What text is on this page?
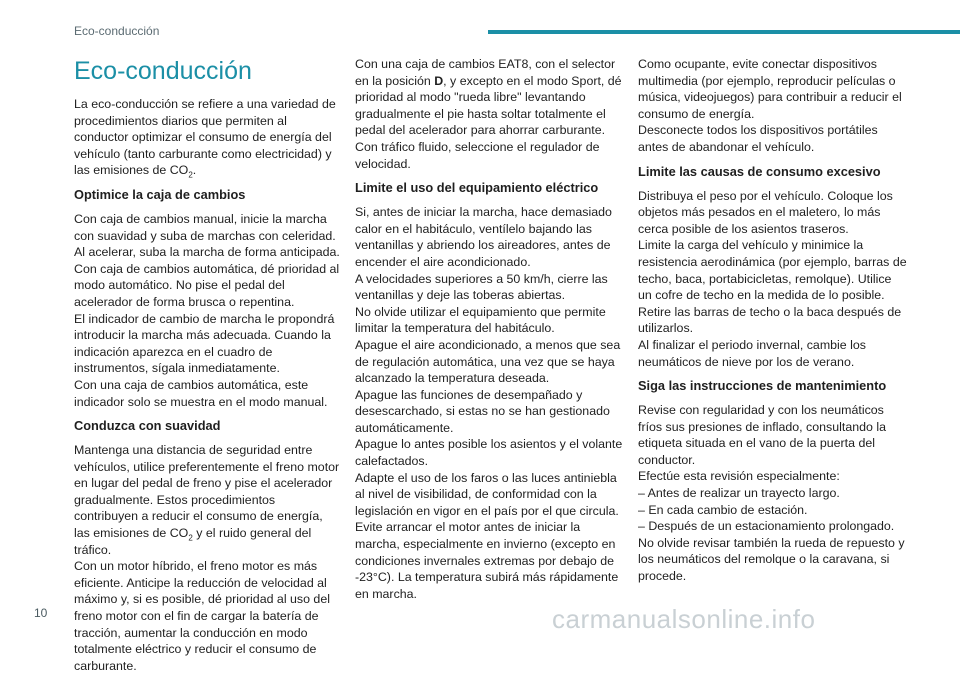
Eco-conducción
Eco-conducción

La eco-conducción se refiere a una variedad de procedimientos diarios que permiten al conductor optimizar el consumo de energía del vehículo (tanto carburante como electricidad) y las emisiones de $CO_2$.

Optimice la caja de cambios

Con caja de cambios manual, inicie la marcha con suavidad y suba de marchas con celeridad. Al acelerar, suba la marcha de forma anticipada.
Con caja de cambios automática, dé prioridad al modo automático. No pise el pedal del acelerador de forma brusca o repentina.
El indicador de cambio de marcha le propondrá introducir la marcha más adecuada. Cuando la indicación aparezca en el cuadro de instrumentos, sígala inmediatamente.
Con una caja de cambios automática, este indicador solo se muestra en el modo manual.

Conduzca con suavidad

Mantenga una distancia de seguridad entre vehículos, utilice preferentemente el freno motor en lugar del pedal de freno y pise el acelerador gradualmente. Estos procedimientos contribuyen a reducir el consumo de energía, las emisiones de $CO_2$ y el ruido general del tráfico.
Con un motor híbrido, el freno motor es más eficiente. Anticipe la reducción de velocidad al máximo y, si es posible, dé prioridad al uso del freno motor con el fin de cargar la batería de tracción, aumentar la conducción en modo totalmente eléctrico y reducir el consumo de carburante.

Con una caja de cambios EAT8, con el selector en la posición D, y excepto en el modo Sport, dé prioridad al modo "rueda libre" levantando gradualmente el pie hasta soltar totalmente el pedal del acelerador para ahorrar carburante.
Con tráfico fluido, seleccione el regulador de velocidad.

Limite el uso del equipamiento eléctrico

Si, antes de iniciar la marcha, hace demasiado calor en el habitáculo, ventílelo bajando las ventanillas y abriendo los aireadores, antes de encender el aire acondicionado.
A velocidades superiores a 50 km/h, cierre las ventanillas y deje las toberas abiertas.
No olvide utilizar el equipamiento que permite limitar la temperatura del habitáculo.
Apague el aire acondicionado, a menos que sea de regulación automática, una vez que se haya alcanzado la temperatura deseada.
Apague las funciones de desempañado y desescarchado, si estas no se han gestionado automáticamente.
Apague lo antes posible los asientos y el volante calefactados.
Adapte el uso de los faros o las luces antiniebla al nivel de visibilidad, de conformidad con la legislación en vigor en el país por el que circula.
Evite arrancar el motor antes de iniciar la marcha, especialmente en invierno (excepto en condiciones invernales extremas por debajo de -23°C). La temperatura subirá más rápidamente en marcha.

Como ocupante, evite conectar dispositivos multimedia (por ejemplo, reproducir películas o música, videojuegos) para contribuir a reducir el consumo de energía.
Desconecte todos los dispositivos portátiles antes de abandonar el vehículo.

Limite las causas de consumo excesivo

Distribuya el peso por el vehículo. Coloque los objetos más pesados en el maletero, lo más cerca posible de los asientos traseros.
Limite la carga del vehículo y minimice la resistencia aerodinámica (por ejemplo, barras de techo, baca, portabicicletas, remolque). Utilice un cofre de techo en la medida de lo posible.
Retire las barras de techo o la baca después de utilizarlos.
Al finalizar el periodo invernal, cambie los neumáticos de nieve por los de verano.

Siga las instrucciones de mantenimiento

Revise con regularidad y con los neumáticos fríos sus presiones de inflado, consultando la etiqueta situada en el vano de la puerta del conductor.
Efectúe esta revisión especialmente:
– Antes de realizar un trayecto largo.
– En cada cambio de estación.
– Después de un estacionamiento prolongado.
No olvide revisar también la rueda de repuesto y los neumáticos del remolque o la caravana, si procede.

10	carmanualsonline.info
